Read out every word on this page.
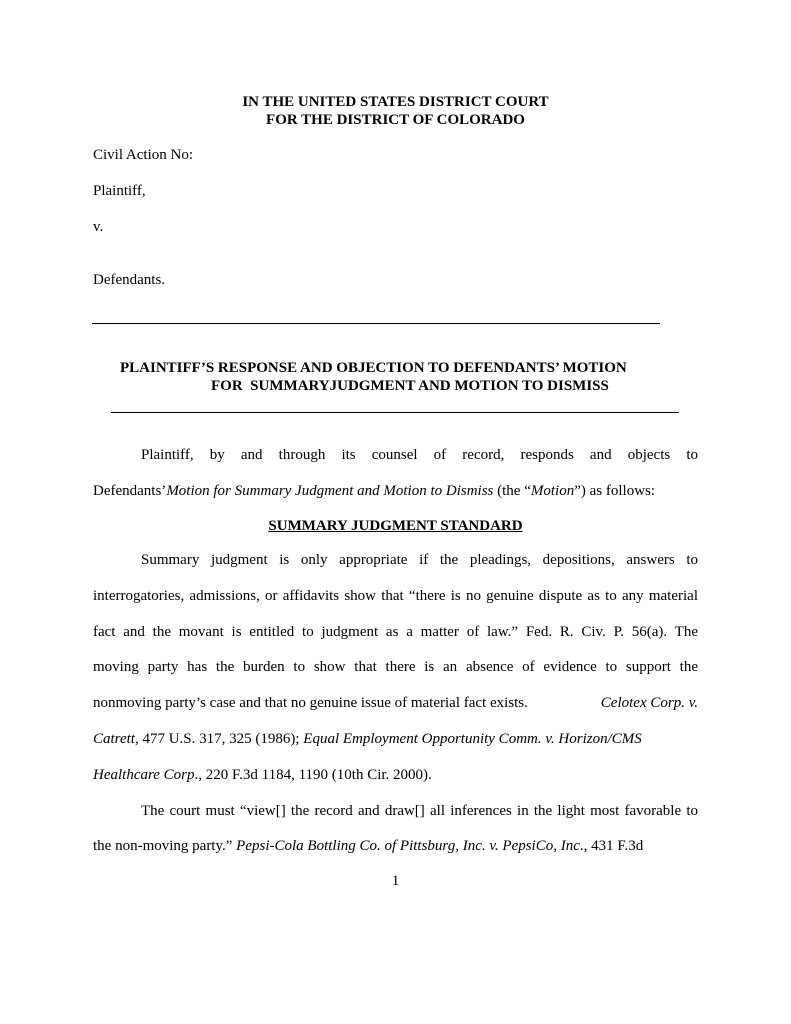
IN THE UNITED STATES DISTRICT COURT

FOR THE DISTRICT OF COLORADO

Civil Action No:

Plaintiff,

v.

Defendants.

PLAINTIFF’S RESPONSE AND OBJECTION TO DEFENDANTS’ MOTION

FOR  SUMMARYJUDGMENT AND MOTION TO DISMISS

Plaintiff, by and through its counsel of record, responds and objects to

Defendants’Motion for Summary Judgment and Motion to Dismiss (the “Motion”) as follows:

SUMMARY JUDGMENT STANDARD

Summary judgment is only appropriate if the pleadings, depositions, answers to

interrogatories, admissions, or affidavits show that “there is no genuine dispute as to any material

fact and the movant is entitled to judgment as a matter of law.” Fed. R. Civ. P. 56(a). The

moving party has the burden to show that there is an absence of evidence to support the

nonmoving party’s case and that no genuine issue of material fact exists.	Celotex Corp. v.

Catrett, 477 U.S. 317, 325 (1986); Equal Employment Opportunity Comm. v. Horizon/CMS

Healthcare Corp., 220 F.3d 1184, 1190 (10th Cir. 2000).

The court must “view[] the record and draw[] all inferences in the light most favorable to

the non-moving party.” Pepsi-Cola Bottling Co. of Pittsburg, Inc. v. PepsiCo, Inc., 431 F.3d

1
